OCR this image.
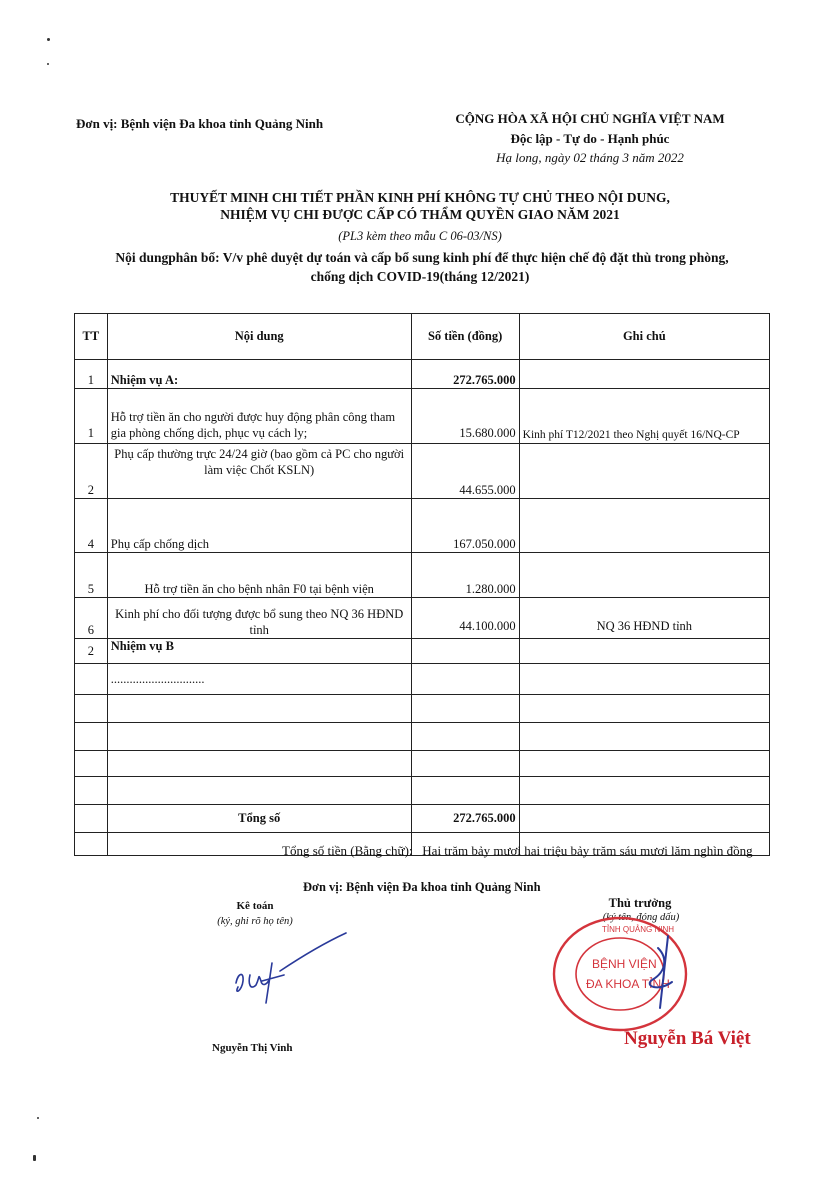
Đơn vị: Bệnh viện Đa khoa tỉnh Quảng Ninh	CỘNG HÒA XÃ HỘI CHỦ NGHĨA VIỆT NAM
Độc lập - Tự do - Hạnh phúc
Hạ long, ngày 02 tháng 3 năm 2022
THUYẾT MINH CHI TIẾT PHẦN KINH PHÍ KHÔNG TỰ CHỦ THEO NỘI DUNG,
NHIỆM VỤ CHI ĐƯỢC CẤP CÓ THẨM QUYỀN GIAO NĂM 2021
(PL3 kèm theo mẫu C 06-03/NS)
Nội dungphân bổ: V/v phê duyệt dự toán và cấp bổ sung kinh phí để thực hiện chế độ đặt thù trong phòng,
chống dịch COVID-19(tháng 12/2021)
TT	Nội dung	Số tiền (đồng)	Ghi chú
1	Nhiệm vụ A:	272.765.000	
1	Hỗ trợ tiền ăn cho người được huy động phân công tham gia phòng chống dịch, phục vụ cách ly;	15.680.000	Kinh phí T12/2021 theo Nghị quyết 16/NQ-CP
2	Phụ cấp thường trực 24/24 giờ (bao gồm cả PC cho người làm việc Chốt KSLN)	44.655.000	
4	Phụ cấp chống dịch	167.050.000	
5	Hỗ trợ tiền ăn cho bệnh nhân F0 tại bệnh viện	1.280.000	
6	Kinh phí cho đối tượng được bổ sung theo NQ 36 HĐND tỉnh	44.100.000	NQ 36 HĐND tỉnh
2	Nhiệm vụ B		
	..............................		

	Tổng số	272.765.000	

Tổng số tiền (Bằng chữ): Hai trăm bảy mươi hai triệu bảy trăm sáu mươi lăm nghìn đồng
Đơn vị: Bệnh viện Đa khoa tỉnh Quảng Ninh
Kê toán
(ký, ghi rõ họ tên)
Nguyễn Thị Vinh
Thủ trưởng
(ký tên, đóng dấu)
BỆNH VIỆN
ĐA KHOA TỈNH
TỈNH QUẢNG NINH
Nguyễn Bá Việt
